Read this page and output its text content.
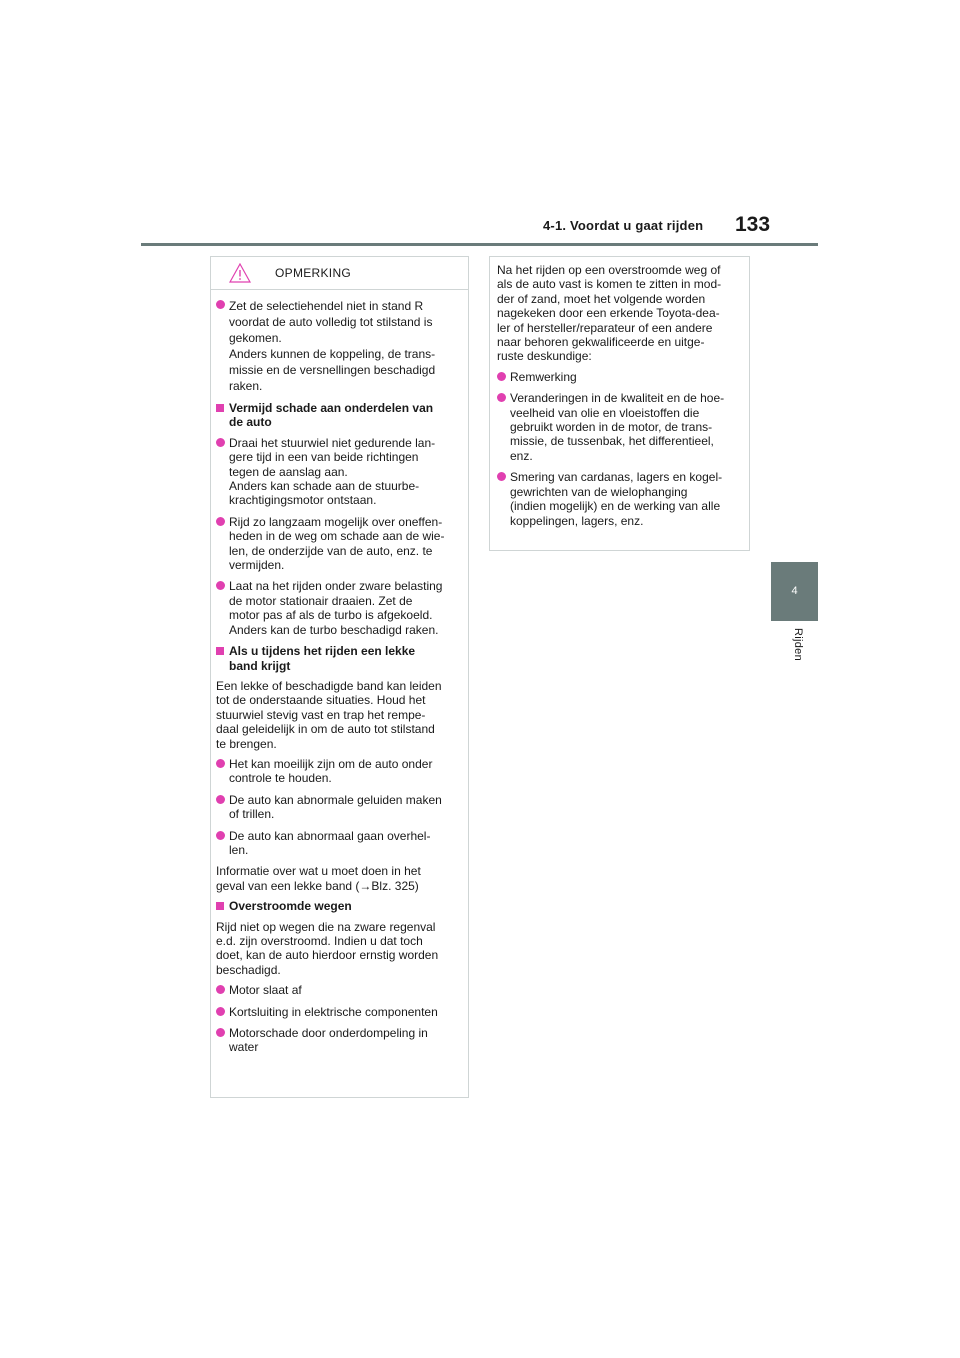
4-1. Voordat u gaat rijden 133
4
Rijden
OPMERKING
Zet de selectiehendel niet in stand R
voordat de auto volledig tot stilstand is
gekomen.
Anders kunnen de koppeling, de trans-
missie en de versnellingen beschadigd
raken.
Vermijd schade aan onderdelen van
de auto
Draai het stuurwiel niet gedurende lan-
gere tijd in een van beide richtingen
tegen de aanslag aan.
Anders kan schade aan de stuurbe-
krachtigingsmotor ontstaan.
Rijd zo langzaam mogelijk over oneffen-
heden in de weg om schade aan de wie-
len, de onderzijde van de auto, enz. te
vermijden.
Laat na het rijden onder zware belasting
de motor stationair draaien. Zet de
motor pas af als de turbo is afgekoeld.
Anders kan de turbo beschadigd raken.
Als u tijdens het rijden een lekke
band krijgt
Een lekke of beschadigde band kan leiden
tot de onderstaande situaties. Houd het
stuurwiel stevig vast en trap het rempe-
daal geleidelijk in om de auto tot stilstand
te brengen.
Het kan moeilijk zijn om de auto onder
controle te houden.
De auto kan abnormale geluiden maken
of trillen.
De auto kan abnormaal gaan overhel-
len.
Informatie over wat u moet doen in het
geval van een lekke band (→Blz. 325)
Overstroomde wegen
Rijd niet op wegen die na zware regenval
e.d. zijn overstroomd. Indien u dat toch
doet, kan de auto hierdoor ernstig worden
beschadigd.
Motor slaat af
Kortsluiting in elektrische componenten
Motorschade door onderdompeling in
water
Na het rijden op een overstroomde weg of
als de auto vast is komen te zitten in mod-
der of zand, moet het volgende worden
nagekeken door een erkende Toyota-dea-
ler of hersteller/reparateur of een andere
naar behoren gekwalificeerde en uitge-
ruste deskundige:
Remwerking
Veranderingen in de kwaliteit en de hoe-
veelheid van olie en vloeistoffen die
gebruikt worden in de motor, de trans-
missie, de tussenbak, het differentieel,
enz.
Smering van cardanas, lagers en kogel-
gewrichten van de wielophanging
(indien mogelijk) en de werking van alle
koppelingen, lagers, enz.
